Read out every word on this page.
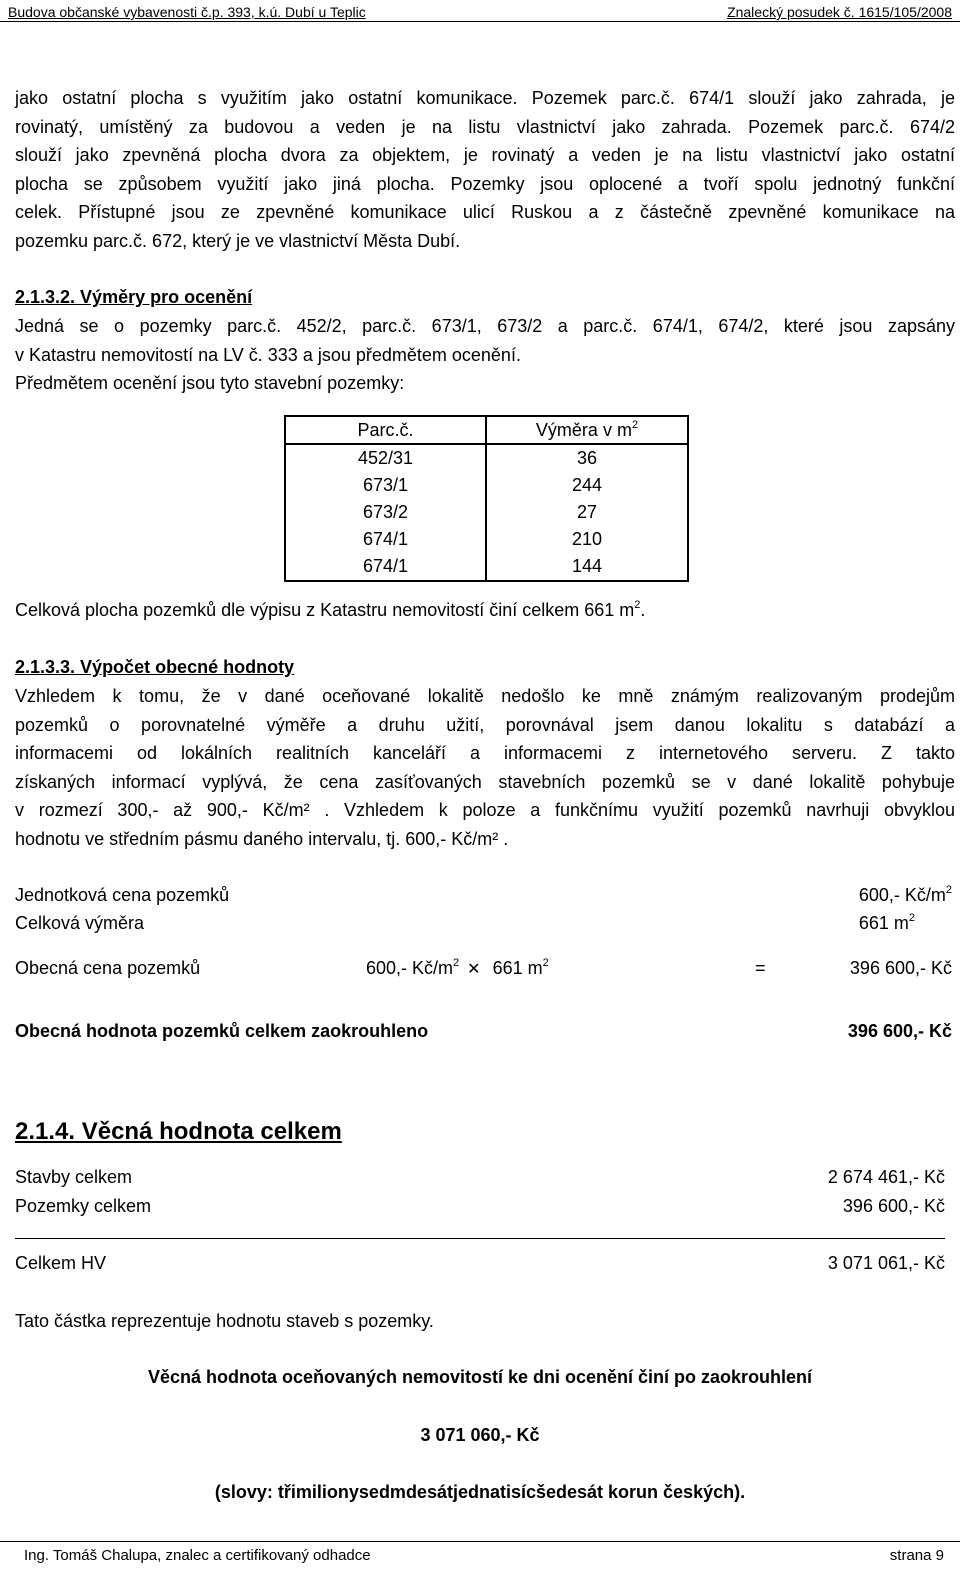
Budova občanské vybavenosti č.p. 393, k.ú. Dubí u Teplic	Znalecký posudek č. 1615/105/2008
jako ostatní plocha s využitím jako ostatní komunikace. Pozemek parc.č. 674/1 slouží jako zahrada, je
rovinatý, umístěný za budovou a veden je na listu vlastnictví jako zahrada. Pozemek parc.č. 674/2
slouží jako zpevněná plocha dvora za objektem, je rovinatý a veden je na listu vlastnictví jako ostatní
plocha se způsobem využití jako jiná plocha. Pozemky jsou oplocené a tvoří spolu jednotný funkční
celek. Přístupné jsou ze zpevněné komunikace ulicí Ruskou a z částečně zpevněné komunikace na
pozemku parc.č. 672, který je ve vlastnictví Města Dubí.
2.1.3.2. Výměry pro ocenění
Jedná se o pozemky parc.č. 452/2, parc.č. 673/1, 673/2 a parc.č. 674/1, 674/2, které jsou zapsány
v Katastru nemovitostí na LV č. 333 a jsou předmětem ocenění.
Předmětem ocenění jsou tyto stavební pozemky:
Parc.č.	Výměra v $m^2$
452/31	36
673/1	244
673/2	27
674/1	210
674/1	144
Celková plocha pozemků dle výpisu z Katastru nemovitostí činí celkem 661 $m^2$.
2.1.3.3. Výpočet obecné hodnoty
Vzhledem k tomu, že v dané oceňované lokalitě nedošlo ke mně známým realizovaným prodejům
pozemků o porovnatelné výměře a druhu užití, porovnával jsem danou lokalitu s databází a
informacemi od lokálních realitních kanceláří a informacemi z internetového serveru. Z takto
získaných informací vyplývá, že cena zasíťovaných stavebních pozemků se v dané lokalitě pohybuje
v rozmezí 300,- až 900,- Kč/m² . Vzhledem k poloze a funkčnímu využití pozemků navrhuji obvyklou
hodnotu ve středním pásmu daného intervalu, tj. 600,- Kč/m² .
Jednotková cena pozemků	600,- $Kč/m^2$
Celková výměra	661 $m^2$
Obecná cena pozemků	600,- $Kč/m^2$ ✕ 661 $m^2$	=	396 600,- Kč
Obecná hodnota pozemků celkem zaokrouhleno	396 600,- Kč
2.1.4. Věcná hodnota celkem
Stavby celkem	2 674 461,- Kč
Pozemky celkem	396 600,- Kč
Celkem HV	3 071 061,- Kč
Tato částka reprezentuje hodnotu staveb s pozemky.
Věcná hodnota oceňovaných nemovitostí ke dni ocenění činí po zaokrouhlení
3 071 060,- Kč
(slovy: třimilionysedmdesátjednatisícšedesát korun českých).
Ing. Tomáš Chalupa, znalec a certifikovaný odhadce	strana 9
